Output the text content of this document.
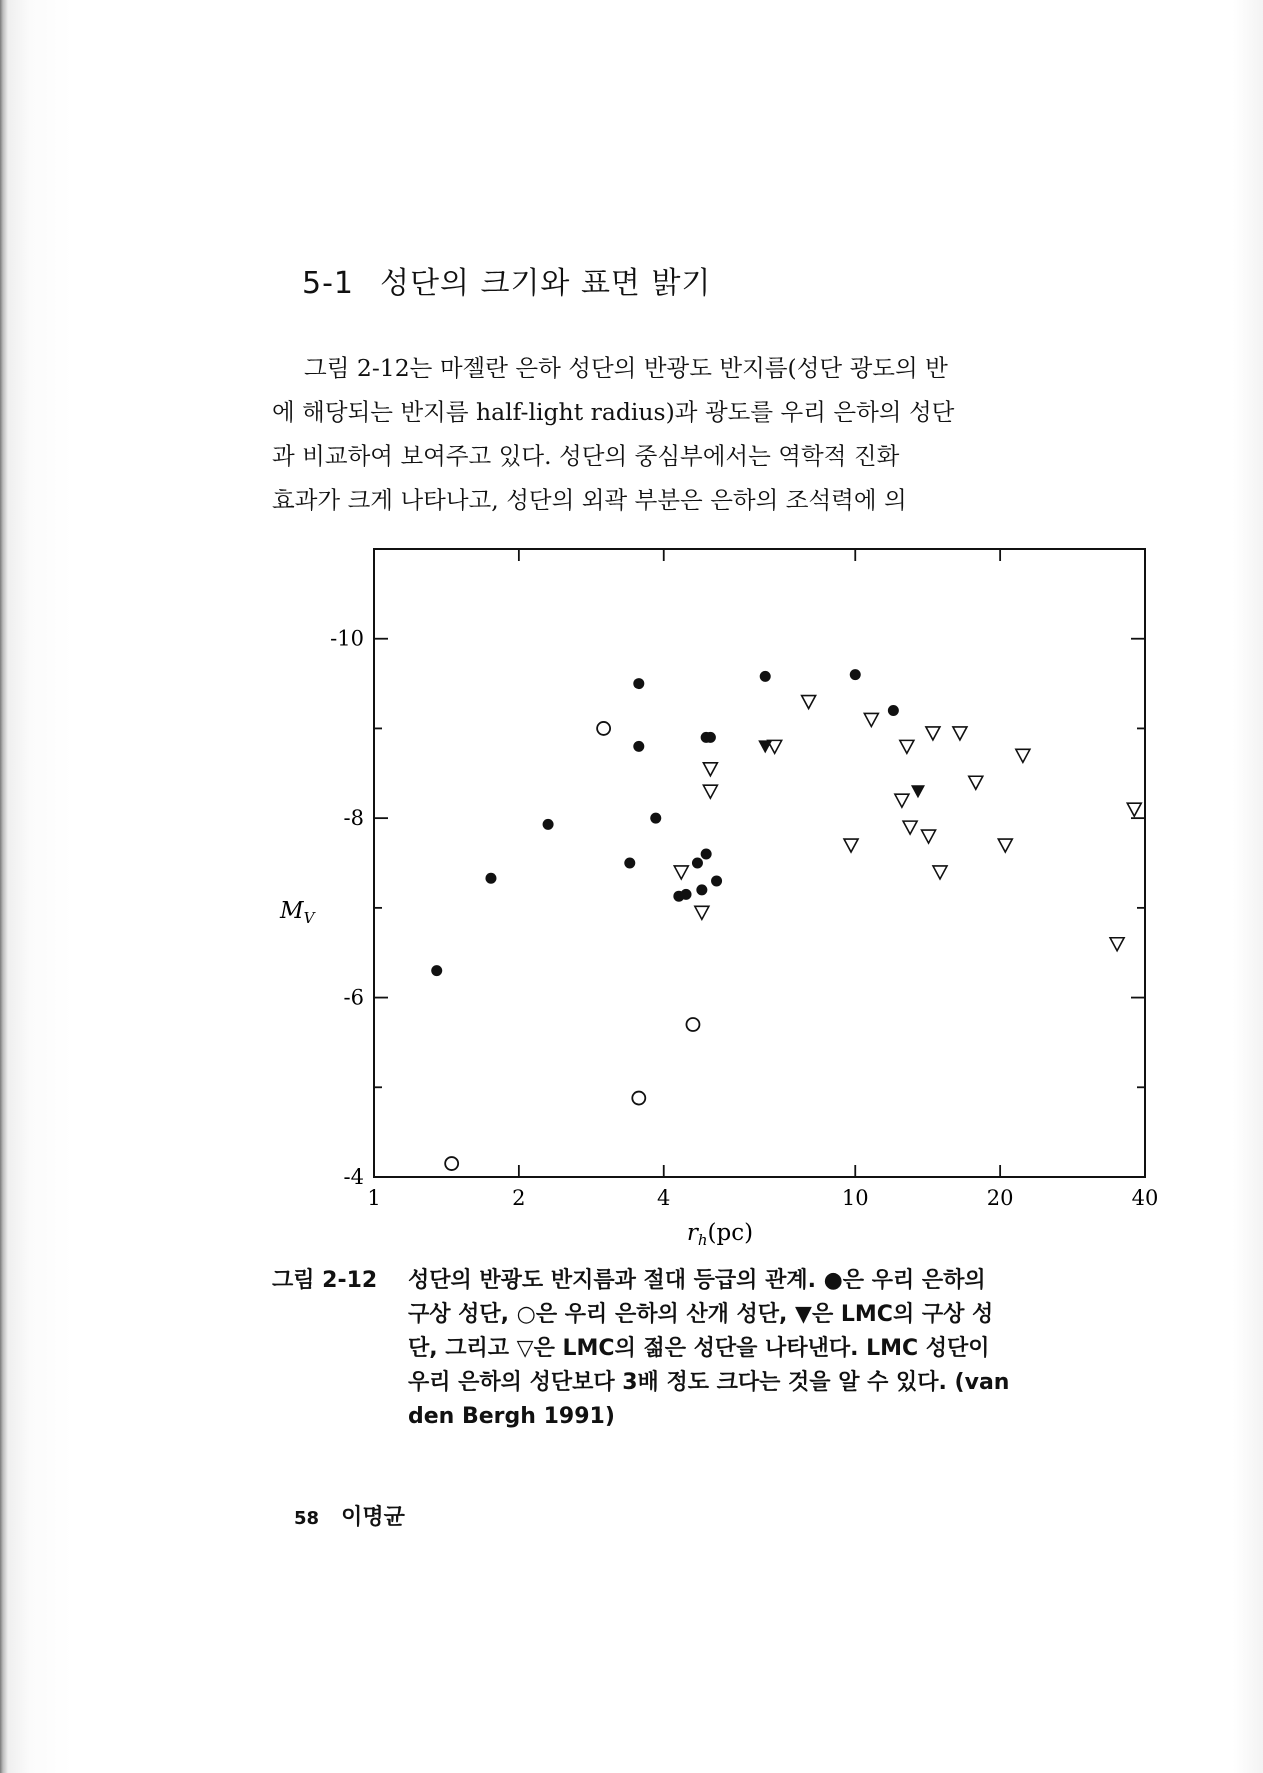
5-1 성단의 크기와 표면 밝기
그림 2-12는 마젤란 은하 성단의 반광도 반지름(성단 광도의 반
에 해당되는 반지름 half-light radius)과 광도를 우리 은하의 성단
과 비교하여 보여주고 있다. 성단의 중심부에서는 역학적 진화
효과가 크게 나타나고, 성단의 외곽 부분은 은하의 조석력에 의
1	2	4	10	20	40
-10
-8
-6
-4
$r_h(pc)$
$M_V$
그림 2-12 성단의 반광도 반지름과 절대 등급의 관계. ●은 우리 은하의
구상 성단, ○은 우리 은하의 산개 성단, ▼은 LMC의 구상 성
단, 그리고 ▽은 LMC의 젊은 성단을 나타낸다. LMC 성단이
우리 은하의 성단보다 3배 정도 크다는 것을 알 수 있다. (van
den Bergh 1991)
58 이명균
